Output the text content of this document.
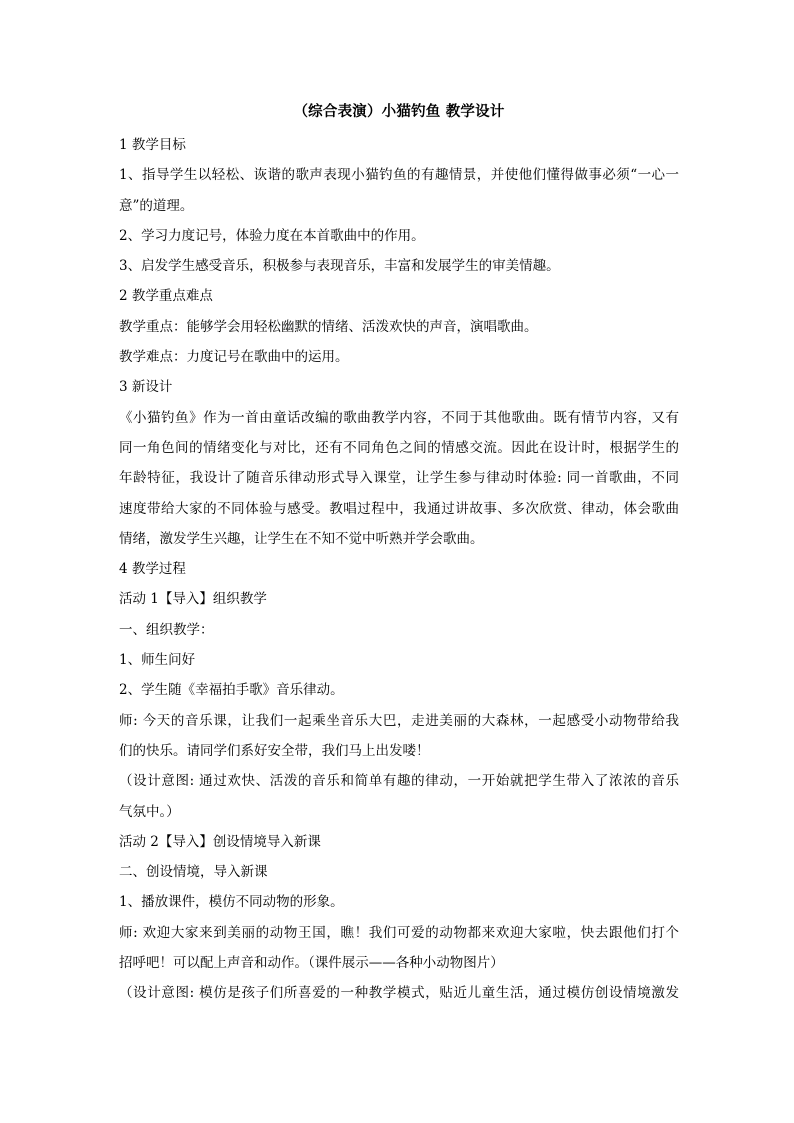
（综合表演）小猫钓鱼 教学设计
1 教学目标
1、指导学生以轻松、诙谐的歌声表现小猫钓鱼的有趣情景，并使他们懂得做事必须“一心一
意”的道理。
2、学习力度记号，体验力度在本首歌曲中的作用。
3、启发学生感受音乐，积极参与表现音乐，丰富和发展学生的审美情趣。
2 教学重点难点
教学重点：能够学会用轻松幽默的情绪、活泼欢快的声音，演唱歌曲。
教学难点：力度记号在歌曲中的运用。
3 新设计
《小猫钓鱼》作为一首由童话改编的歌曲教学内容，不同于其他歌曲。既有情节内容，又有
同一角色间的情绪变化与对比，还有不同角色之间的情感交流。因此在设计时，根据学生的
年龄特征，我设计了随音乐律动形式导入课堂，让学生参与律动时体验: 同一首歌曲，不同
速度带给大家的不同体验与感受。教唱过程中，我通过讲故事、多次欣赏、律动，体会歌曲
情绪，激发学生兴趣，让学生在不知不觉中听熟并学会歌曲。
4 教学过程
活动 1【导入】组织教学
一、组织教学：
1、师生问好
2、学生随《幸福拍手歌》音乐律动。
师: 今天的音乐课，让我们一起乘坐音乐大巴，走进美丽的大森林，一起感受小动物带给我
们的快乐。请同学们系好安全带，我们马上出发喽！
（设计意图: 通过欢快、活泼的音乐和简单有趣的律动，一开始就把学生带入了浓浓的音乐
气氛中。）
活动 2【导入】创设情境导入新课
二、创设情境，导入新课
1、播放课件，模仿不同动物的形象。
师: 欢迎大家来到美丽的动物王国，瞧！我们可爱的动物都来欢迎大家啦，快去跟他们打个
招呼吧！可以配上声音和动作。（课件展示——各种小动物图片）
（设计意图: 模仿是孩子们所喜爱的一种教学模式，贴近儿童生活，通过模仿创设情境激发
